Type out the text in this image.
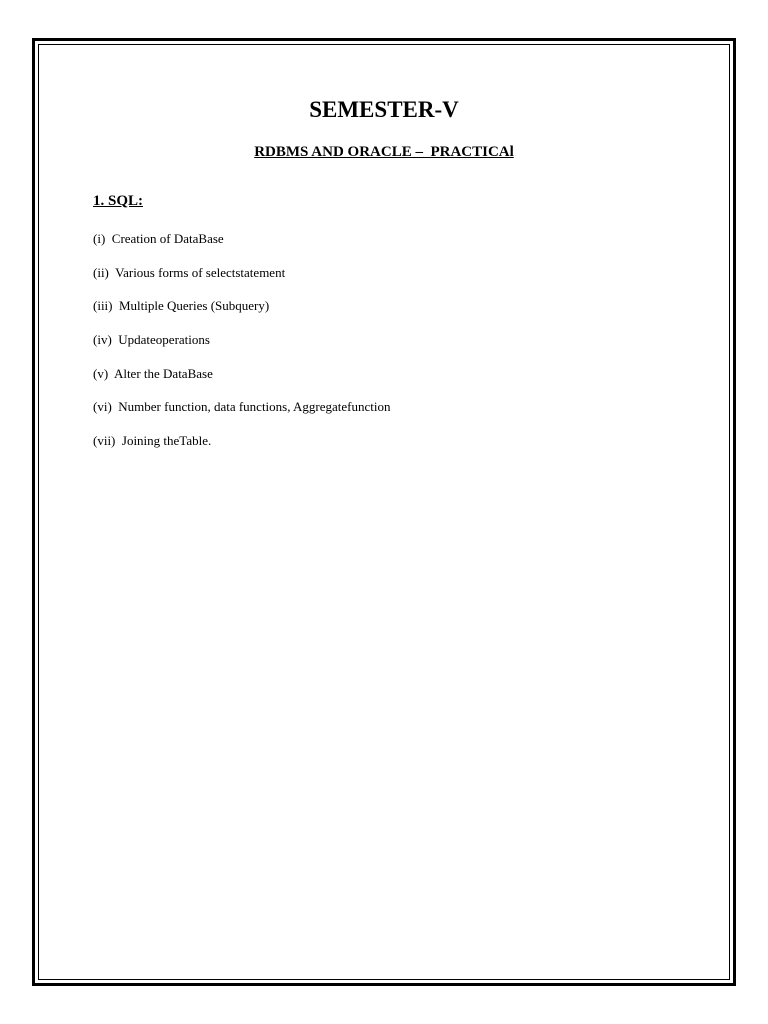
SEMESTER-V
RDBMS AND ORACLE –  PRACTICAl
1. SQL:
(i)  Creation of DataBase
(ii)  Various forms of selectstatement
(iii)  Multiple Queries (Subquery)
(iv)  Updateoperations
(v)  Alter the DataBase
(vi)  Number function, data functions, Aggregatefunction
(vii)  Joining theTable.
